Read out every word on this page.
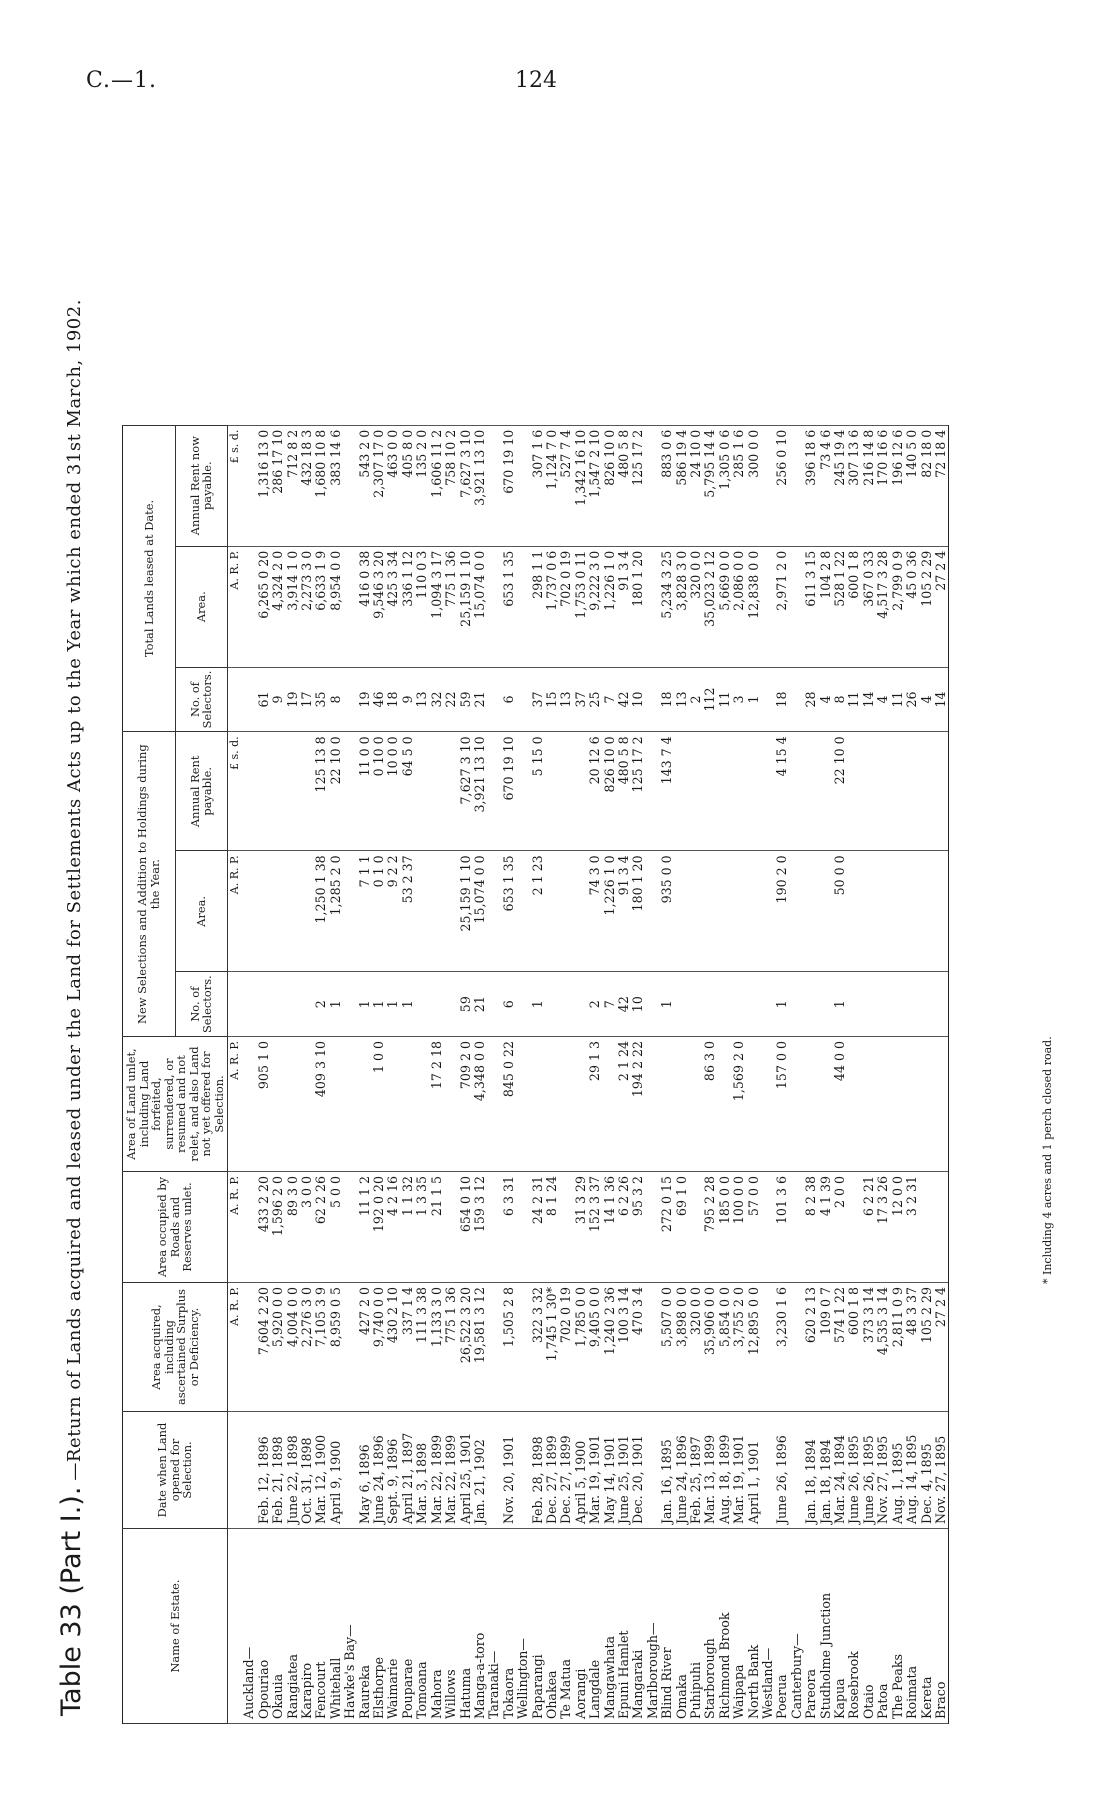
C.—1.	124
Table 33 (Part I.).—Return of Lands acquired and leased under the Land for Settlements Acts up to the Year which ended 31st March, 1902.
Name of Estate.	Date when Land opened for Selection.	Area acquired, including ascertained Surplus or Deficiency.	Area occupied by Roads and Reserves unlet.	Area of Land unlet, including Land forfeited, surrendered, or resumed and not relet, and also Land not yet offered for Selection.	New Selections and Addition to Holdings during the Year.			Total Lands leased at Date.		
					No. of Selectors.	Area.	Annual Rent payable.	No. of Selectors.	Area.	Annual Rent now payable.
		A. R. P.	A. R. P.	A. R. P.		A. R. P.	£ s. d.		A. R. P.	£ s. d.
Auckland—										
Opouriao	Feb. 12, 1896	7,604 2 20	433 2 20	905 1 0				61	6,265 0 20	1,316 13 0
Okauia	Feb. 21, 1898	5,920 0 0	1,596 2 0					9	4,324 2 0	286 17 10
Rangiatea	June 22, 1898	4,004 0 0	89 3 0					19	3,914 1 0	712 8 2
Karapiro	Oct. 31, 1898	2,276 3 0	3 0 0					17	2,273 3 0	432 18 3
Fencourt	Mar. 12, 1900	7,105 3 9	62 2 26	409 3 10	2	1,250 1 38	125 13 8	35	6,633 1 9	1,680 10 8
Whitehall	April 9, 1900	8,959 0 5	5 0 0		1	1,285 2 0	22 10 0	8	8,954 0 0	383 14 6
Hawke's Bay—										
Raureka	May 6, 1896	427 2 0	11 1 2		1	7 1 1	11 0 0	19	416 0 38	543 2 0
Elsthorpe	June 24, 1896	9,740 0 0	192 0 20	1 0 0	1	0 1 0	0 10 0	46	9,546 3 20	2,307 17 0
Waimarie	Sept. 9, 1896	430 2 10	4 2 16		1	9 2 2	10 0 0	18	425 3 34	463 0 0
Pouparae	April 21, 1897	337 1 4	1 1 32		1	53 2 37	64 5 0	9	336 1 12	405 8 0
Tomoana	Mar. 3, 1898	111 3 38	1 3 35					13	110 0 3	135 2 0
Mahora	Mar. 22, 1899	1,133 3 0	21 1 5	17 2 18				32	1,094 3 17	1,606 11 2
Willows	Mar. 22, 1899	775 1 36						22	775 1 36	758 10 2
Hatuma	April 25, 1901	26,522 3 20	654 0 10	709 2 0	59	25,159 1 10	7,627 3 10	59	25,159 1 10	7,627 3 10
Manga-a-toro	Jan. 21, 1902	19,581 3 12	159 3 12	4,348 0 0	21	15,074 0 0	3,921 13 10	21	15,074 0 0	3,921 13 10
Taranaki—										
Tokaora	Nov. 20, 1901	1,505 2 8	6 3 31	845 0 22	6	653 1 35	670 19 10	6	653 1 35	670 19 10
Wellington—										
Paparangi	Feb. 28, 1898	322 3 32	24 2 31		1	2 1 23	5 15 0	37	298 1 1	307 1 6
Ohakea	Dec. 27, 1899	1,745 1 30*	8 1 24					15	1,737 0 6	1,124 7 0
Te Matua	Dec. 27, 1899	702 0 19						13	702 0 19	527 7 4
Aorangi	April 5, 1900	1,785 0 0	31 3 29					37	1,753 0 11	1,342 16 10
Langdale	Mar. 19, 1901	9,405 0 0	152 3 37	29 1 3	2	74 3 0	20 12 6	25	9,222 3 0	1,547 2 10
Mangawhata	May 14, 1901	1,240 2 36	14 1 36		7	1,226 1 0	826 10 0	7	1,226 1 0	826 10 0
Epuni Hamlet	June 25, 1901	100 3 14	6 2 26	2 1 24	42	91 3 4	480 5 8	42	91 3 4	480 5 8
Mangaraki	Dec. 20, 1901	470 3 4	95 3 2	194 2 22	10	180 1 20	125 17 2	10	180 1 20	125 17 2
Marlborough—										
Blind River	Jan. 16, 1895	5,507 0 0	272 0 15		1	935 0 0	143 7 4	18	5,234 3 25	883 0 6
Omaka	June 24, 1896	3,898 0 0	69 1 0					13	3,828 3 0	586 19 4
Puhipuhi	Feb. 25, 1897	320 0 0						2	320 0 0	24 10 0
Starborough	Mar. 13, 1899	35,906 0 0	795 2 28	86 3 0				112	35,023 2 12	5,795 14 4
Richmond Brook	Aug. 18, 1899	5,854 0 0	185 0 0					11	5,669 0 0	1,305 0 6
Waipapa	Mar. 19, 1901	3,755 2 0	100 0 0	1,569 2 0				3	2,086 0 0	285 1 6
North Bank	April 1, 1901	12,895 0 0	57 0 0					1	12,838 0 0	300 0 0
Westland—										
Poerua	June 26, 1896	3,230 1 6	101 3 6	157 0 0	1	190 2 0	4 15 4	18	2,971 2 0	256 0 10
Canterbury—										
Pareora	Jan. 18, 1894	620 2 13	8 2 38					28	611 3 15	396 18 6
Studholme Junction	Jan. 18, 1894	109 0 7	4 1 39					4	104 2 8	73 4 6
Kapua	Mar. 24, 1894	574 1 22	2 0 0	44 0 0	1	50 0 0	22 10 0	8	528 1 22	245 19 4
Rosebrook	June 26, 1895	600 1 8						11	600 1 8	307 13 6
Otaio	June 26, 1895	373 3 14	6 2 21					14	367 0 33	216 14 8
Patoa	Nov. 27, 1895	4,535 3 14	17 3 26					4	4,517 3 28	170 16 6
The Peaks	Aug. 1, 1895	2,811 0 9	12 0 0					11	2,799 0 9	196 12 6
Roimata	Aug. 14, 1895	48 3 37	3 2 31					26	45 0 36	140 5 0
Kereta	Dec. 4, 1895	105 2 29						4	105 2 29	82 18 0
Braco	Nov. 27, 1895	27 2 4						14	27 2 4	72 18 4
* Including 4 acres and 1 perch closed road.
